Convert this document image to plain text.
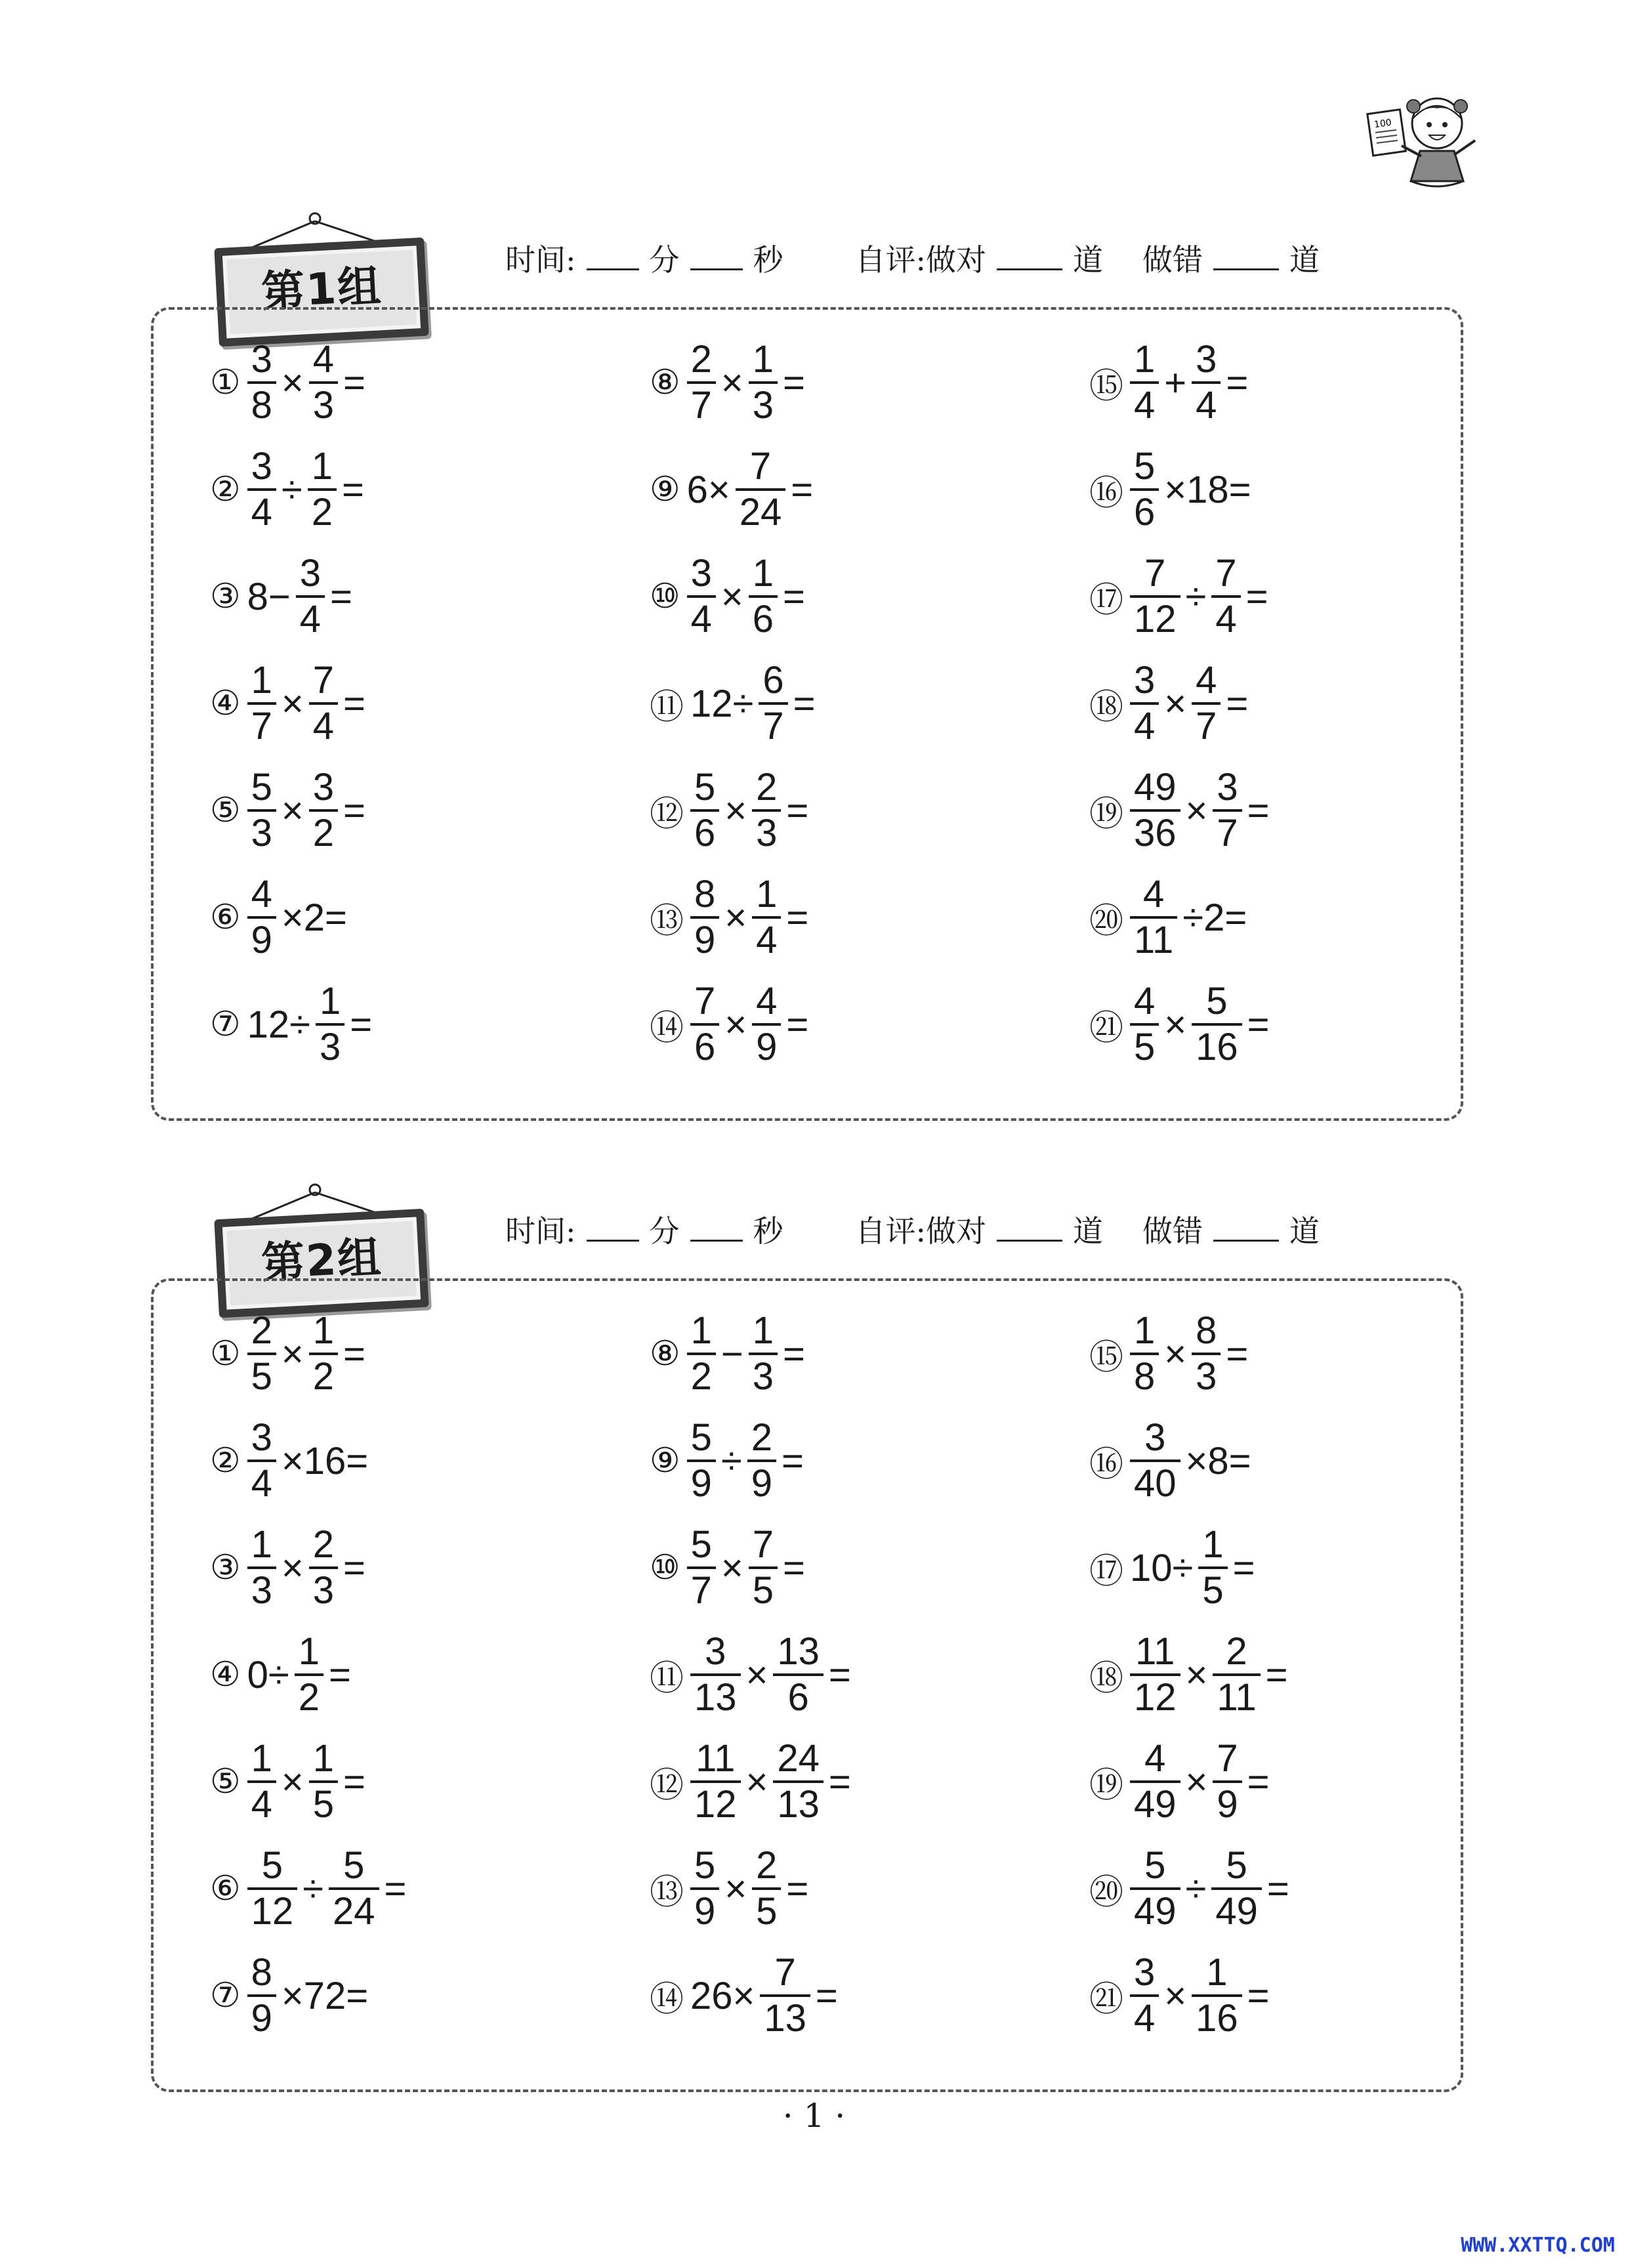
100
第1组
时间: 分 秒 自评:做对	道 做错	道
① $\frac{3}{8} \times \frac{4}{3}$ =
② $\frac{3}{4} \div \frac{1}{2}$ =
③ $8- \frac{3}{4}$ =
④ $\frac{1}{7} \times \frac{7}{4}$ =
⑤ $\frac{5}{3} \times \frac{3}{2}$ =
⑥ $\frac{4}{9} \times 2=$
⑦ $12\div \frac{1}{3}$ =
⑧ $\frac{2}{7} \times \frac{1}{3}$ =
⑨ $6\times \frac{7}{24}$ =
⑩ $\frac{3}{4} \times \frac{1}{6}$ =
⑪ $12\div \frac{6}{7}$ =
⑫ $\frac{5}{6} \times \frac{2}{3}$ =
⑬ $\frac{8}{9} \times \frac{1}{4}$ =
⑭ $\frac{7}{6} \times \frac{4}{9}$ =
⑮ $\frac{1}{4} + \frac{3}{4}$ =
⑯ $\frac{5}{6} \times 18=$
⑰ $\frac{7}{12} \div \frac{7}{4}$ =
⑱ $\frac{3}{4} \times \frac{4}{7}$ =
⑲ $\frac{49}{36} \times \frac{3}{7}$ =
⑳ $\frac{4}{11} \div 2=$
㉑ $\frac{4}{5} \times \frac{5}{16}$ =
第2组
时间: 分 秒 自评:做对	道 做错	道
① $\frac{2}{5} \times \frac{1}{2}$ =
② $\frac{3}{4} \times 16=$
③ $\frac{1}{3} \times \frac{2}{3}$ =
④ $0\div \frac{1}{2}$ =
⑤ $\frac{1}{4} \times \frac{1}{5}$ =
⑥ $\frac{5}{12} \div \frac{5}{24}$ =
⑦ $\frac{8}{9} \times 72=$
⑧ $\frac{1}{2} - \frac{1}{3}$ =
⑨ $\frac{5}{9} \div \frac{2}{9}$ =
⑩ $\frac{5}{7} \times \frac{7}{5}$ =
⑪ $\frac{3}{13} \times \frac{13}{6}$ =
⑫ $\frac{11}{12} \times \frac{24}{13}$ =
⑬ $\frac{5}{9} \times \frac{2}{5}$ =
⑭ $26\times \frac{7}{13}$ =
⑮ $\frac{1}{8} \times \frac{8}{3}$ =
⑯ $\frac{3}{40} \times 8=$
⑰ $10\div \frac{1}{5}$ =
⑱ $\frac{11}{12} \times \frac{2}{11}$ =
⑲ $\frac{4}{49} \times \frac{7}{9}$ =
⑳ $\frac{5}{49} \div \frac{5}{49}$ =
㉑ $\frac{3}{4} \times \frac{1}{16}$ =
· 1 ·
WWW.XXTTQ.COM
